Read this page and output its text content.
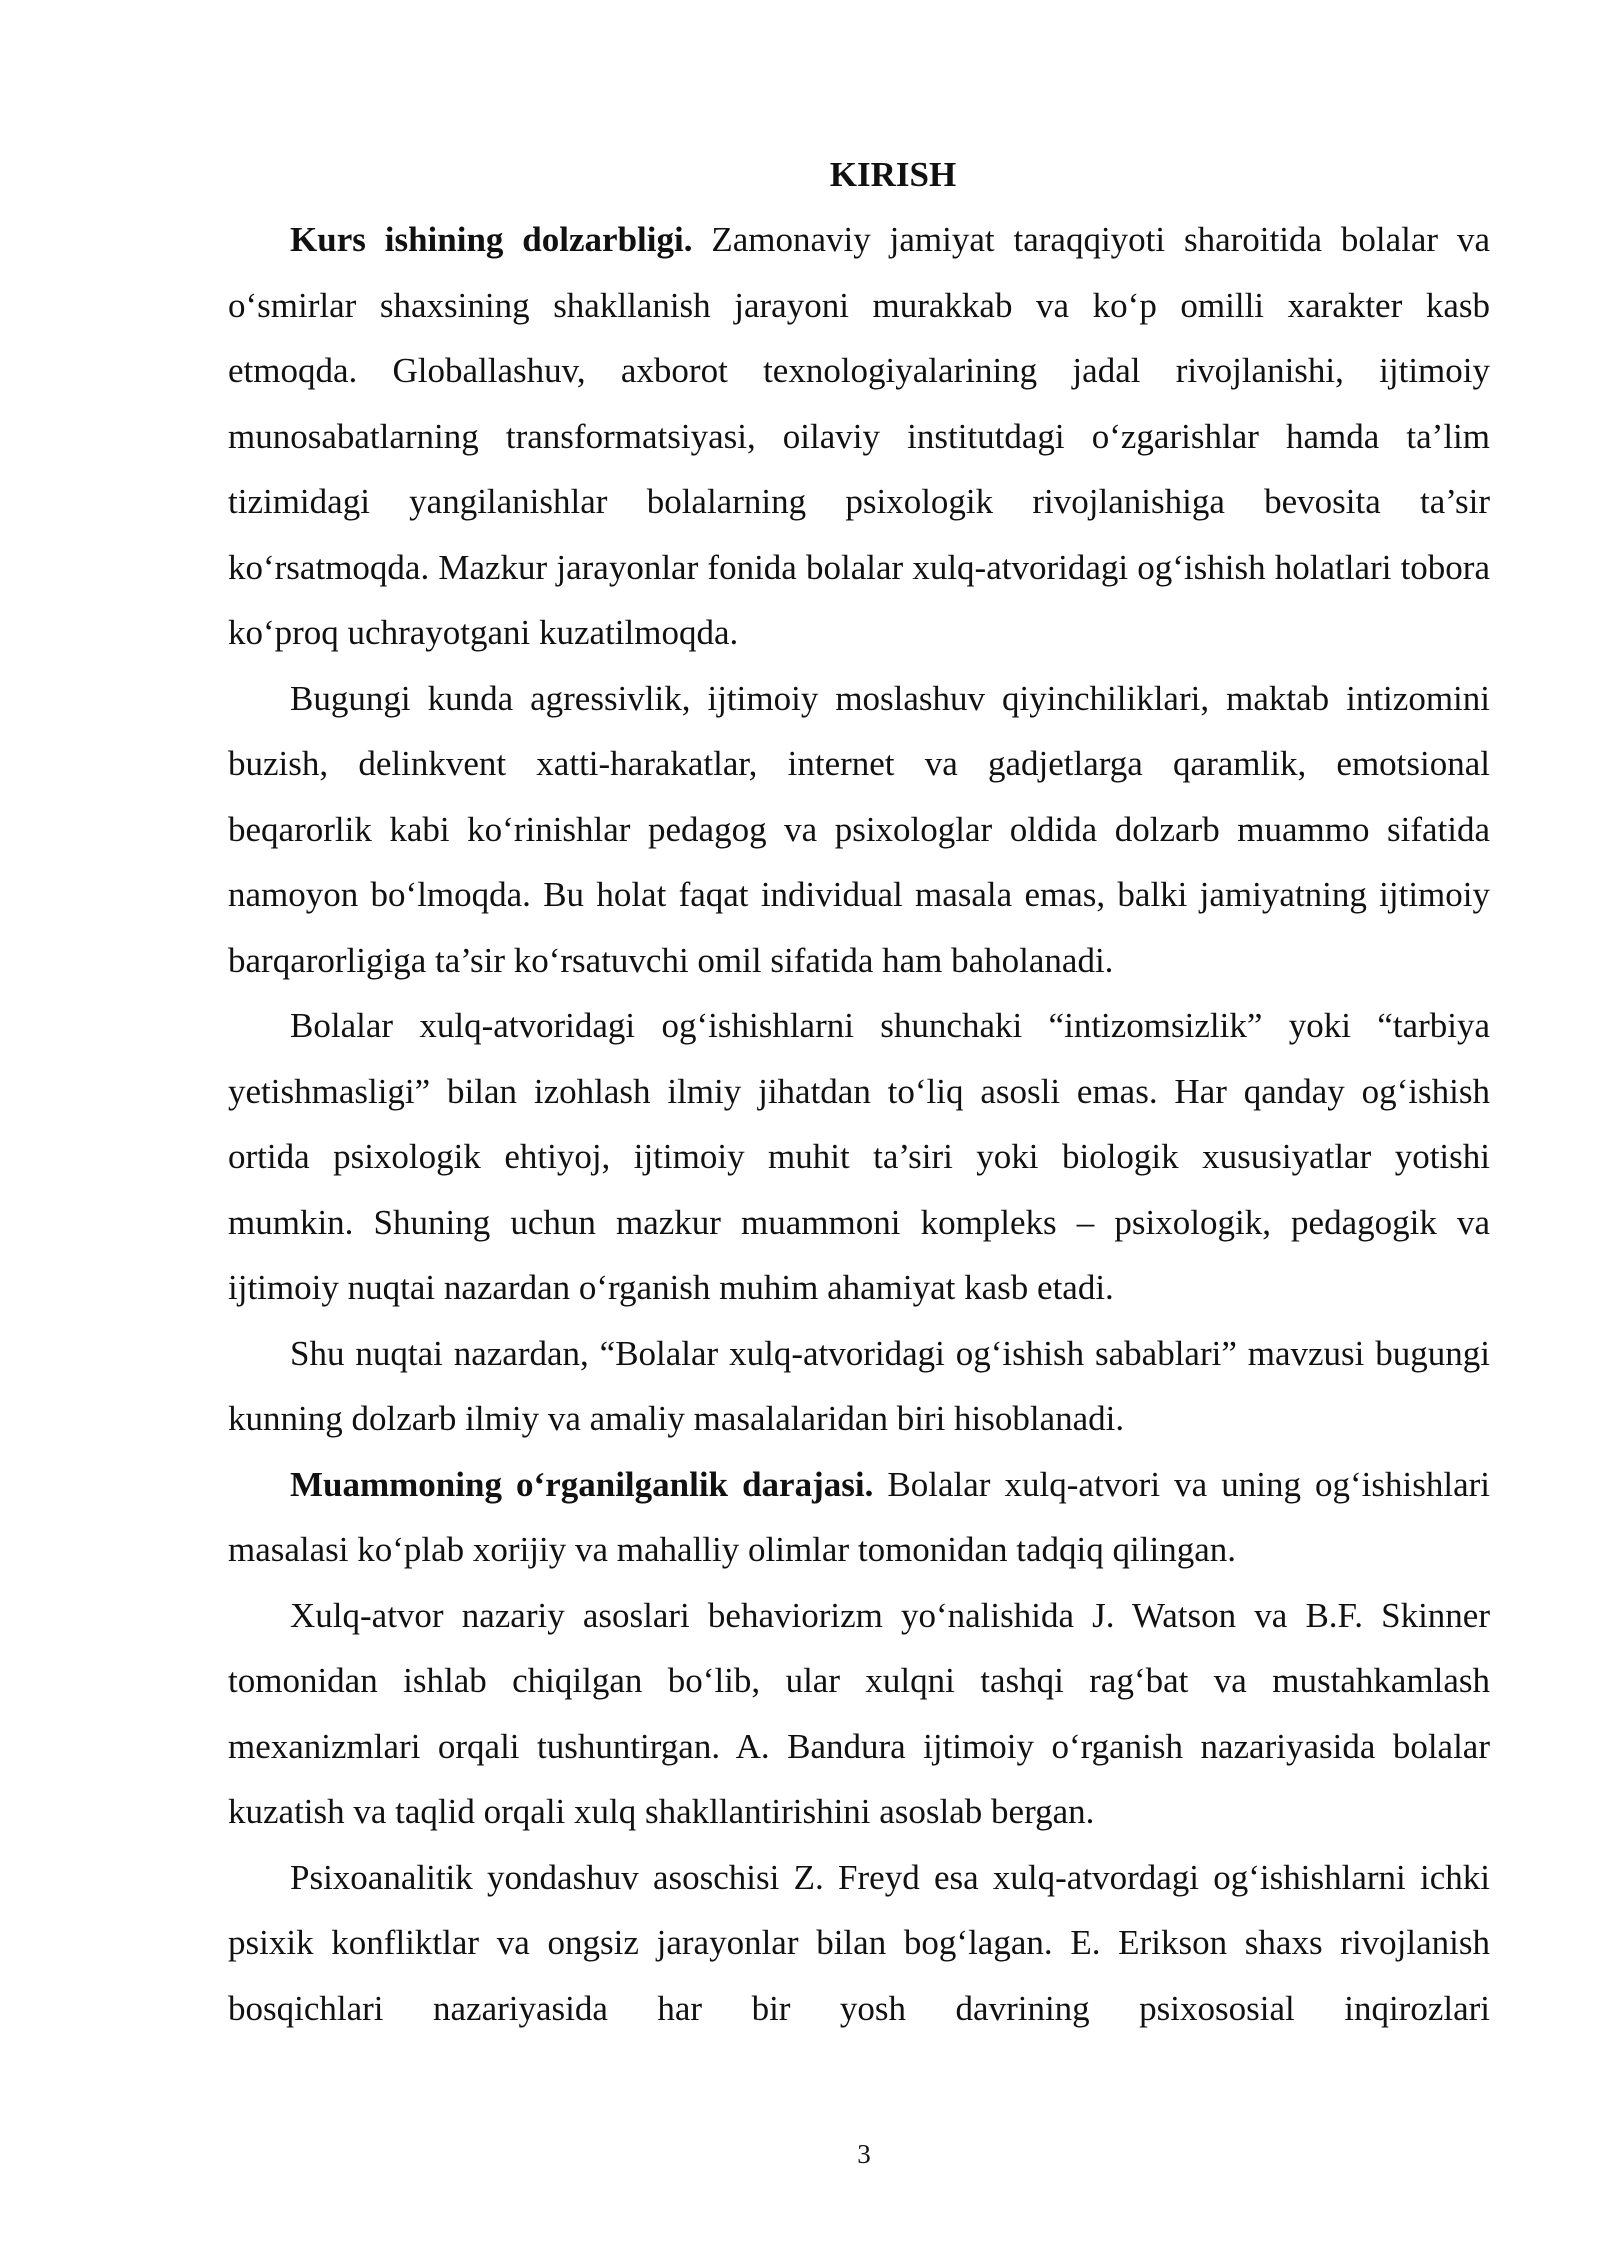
KIRISH

Kurs ishining dolzarbligi. Zamonaviy jamiyat taraqqiyoti sharoitida bolalar va o‘smirlar shaxsining shakllanish jarayoni murakkab va ko‘p omilli xarakter kasb etmoqda. Globallashuv, axborot texnologiyalarining jadal rivojlanishi, ijtimoiy munosabatlarning transformatsiyasi, oilaviy institutdagi o‘zgarishlar hamda ta’lim tizimidagi yangilanishlar bolalarning psixologik rivojlanishiga bevosita ta’sir ko‘rsatmoqda. Mazkur jarayonlar fonida bolalar xulq-atvoridagi og‘ishish holatlari tobora ko‘proq uchrayotgani kuzatilmoqda.

Bugungi kunda agressivlik, ijtimoiy moslashuv qiyinchiliklari, maktab intizomini buzish, delinkvent xatti-harakatlar, internet va gadjetlarga qaramlik, emotsional beqarorlik kabi ko‘rinishlar pedagog va psixologlar oldida dolzarb muammo sifatida namoyon bo‘lmoqda. Bu holat faqat individual masala emas, balki jamiyatning ijtimoiy barqarorligiga ta’sir ko‘rsatuvchi omil sifatida ham baholanadi.

Bolalar xulq-atvoridagi og‘ishishlarni shunchaki “intizomsizlik” yoki “tarbiya yetishmasligi” bilan izohlash ilmiy jihatdan to‘liq asosli emas. Har qanday og‘ishish ortida psixologik ehtiyoj, ijtimoiy muhit ta’siri yoki biologik xususiyatlar yotishi mumkin. Shuning uchun mazkur muammoni kompleks – psixologik, pedagogik va ijtimoiy nuqtai nazardan o‘rganish muhim ahamiyat kasb etadi.

Shu nuqtai nazardan, “Bolalar xulq-atvoridagi og‘ishish sabablari” mavzusi bugungi kunning dolzarb ilmiy va amaliy masalalaridan biri hisoblanadi.

Muammoning o‘rganilganlik darajasi. Bolalar xulq-atvori va uning og‘ishishlari masalasi ko‘plab xorijiy va mahalliy olimlar tomonidan tadqiq qilingan.

Xulq-atvor nazariy asoslari behaviorizm yo‘nalishida J. Watson va B.F. Skinner tomonidan ishlab chiqilgan bo‘lib, ular xulqni tashqi rag‘bat va mustahkamlash mexanizmlari orqali tushuntirgan. A. Bandura ijtimoiy o‘rganish nazariyasida bolalar kuzatish va taqlid orqali xulq shakllantirishini asoslab bergan.

Psixoanalitik yondashuv asoschisi Z. Freyd esa xulq-atvordagi og‘ishishlarni ichki psixik konfliktlar va ongsiz jarayonlar bilan bog‘lagan. E. Erikson shaxs rivojlanish bosqichlari nazariyasida har bir yosh davrining psixososial inqirozlari

3
